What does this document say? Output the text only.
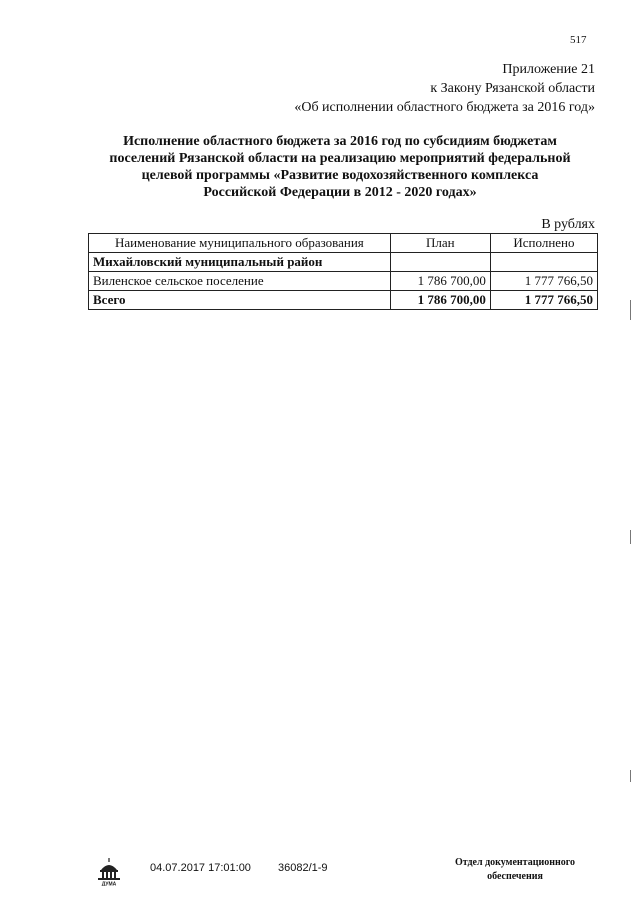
517
Приложение 21
к Закону Рязанской области
«Об исполнении областного бюджета за 2016 год»
Исполнение областного бюджета за 2016 год по субсидиям бюджетам
поселений Рязанской области на реализацию мероприятий федеральной
целевой программы «Развитие водохозяйственного комплекса
Российской Федерации в 2012 - 2020 годах»
В рублях
Наименование муниципального образования	План	Исполнено
Михайловский муниципальный район		
Виленское сельское поселение	1 786 700,00	1 777 766,50
Всего	1 786 700,00	1 777 766,50
ДУМА
04.07.2017 17:01:00 36082/1-9	Отдел документационного
обеспечения
